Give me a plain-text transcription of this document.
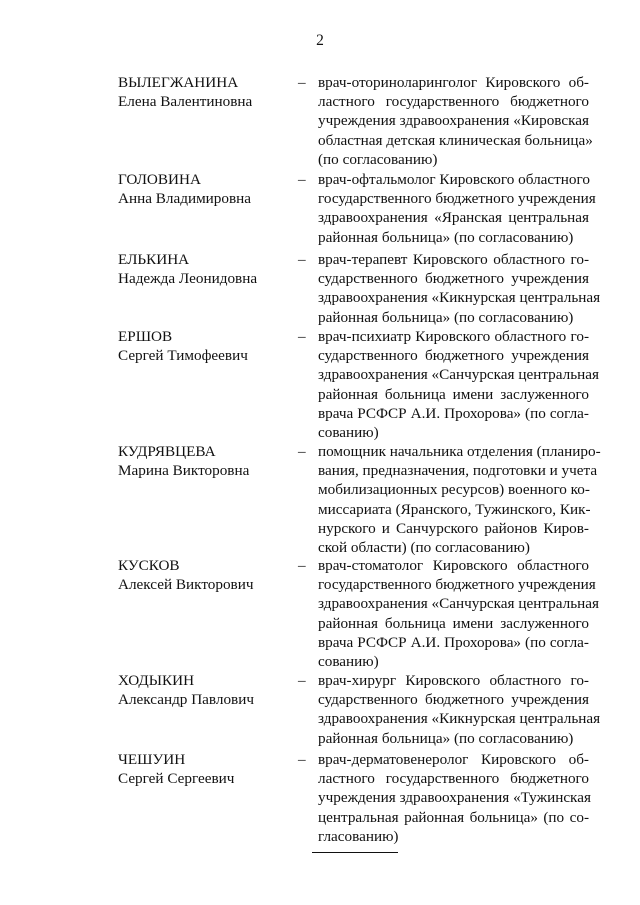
2
ВЫЛЕГЖАНИНА
Елена Валентиновна
– врач-оториноларинголог Кировского об-
ластного государственного бюджетного
учреждения здравоохранения «Кировская
областная детская клиническая больница»
(по согласованию)
ГОЛОВИНА
Анна Владимировна
– врач-офтальмолог Кировского областного
государственного бюджетного учреждения
здравоохранения «Яранская центральная
районная больница» (по согласованию)
ЕЛЬКИНА
Надежда Леонидовна
– врач-терапевт Кировского областного го-
сударственного бюджетного учреждения
здравоохранения «Кикнурская центральная
районная больница» (по согласованию)
ЕРШОВ
Сергей Тимофеевич
– врач-психиатр Кировского областного го-
сударственного бюджетного учреждения
здравоохранения «Санчурская центральная
районная больница имени заслуженного
врача РСФСР А.И. Прохорова» (по согла-
сованию)
КУДРЯВЦЕВА
Марина Викторовна
– помощник начальника отделения (планиро-
вания, предназначения, подготовки и учета
мобилизационных ресурсов) военного ко-
миссариата (Яранского, Тужинского, Кик-
нурского и Санчурского районов Киров-
ской области) (по согласованию)
КУСКОВ
Алексей Викторович
– врач-стоматолог Кировского областного
государственного бюджетного учреждения
здравоохранения «Санчурская центральная
районная больница имени заслуженного
врача РСФСР А.И. Прохорова» (по согла-
сованию)
ХОДЫКИН
Александр Павлович
– врач-хирург Кировского областного го-
сударственного бюджетного учреждения
здравоохранения «Кикнурская центральная
районная больница» (по согласованию)
ЧЕШУИН
Сергей Сергеевич
– врач-дерматовенеролог Кировского об-
ластного государственного бюджетного
учреждения здравоохранения «Тужинская
центральная районная больница» (по со-
гласованию)
